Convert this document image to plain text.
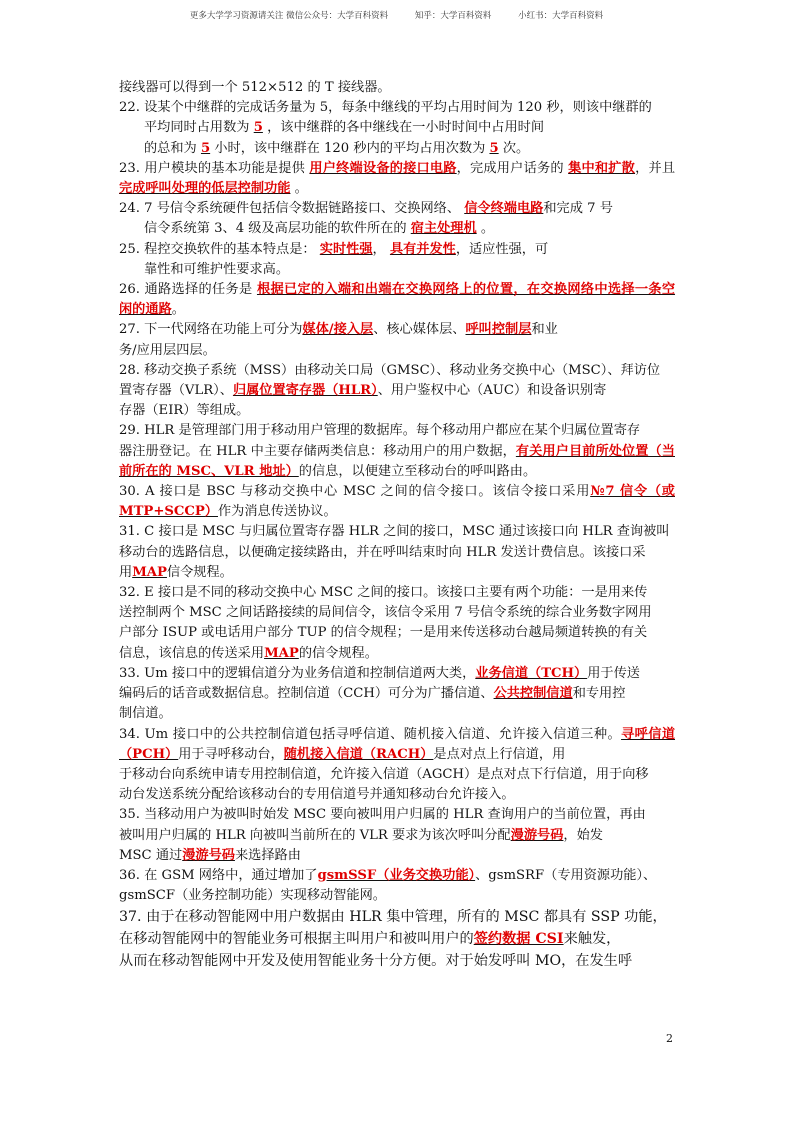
更多大学学习资源请关注 微信公众号：大学百科资料	知乎：大学百科资料	小红书：大学百科资料

接线器可以得到一个 512×512 的 T 接线器。

22. 设某个中继群的完成话务量为 5，每条中继线的平均占用时间为 120 秒，则该中继群的
平均同时占用数为 5 ，该中继群的各中继线在一小时时间中占用时间
的总和为 5 小时，该中继群在 120 秒内的平均占用次数为 5 次。

23. 用户模块的基本功能是提供 用户终端设备的接口电路，完成用户话务的 集中和扩散，并且 完成呼叫处理的低层控制功能 。

24. 7 号信令系统硬件包括信令数据链路接口、交换网络、 信令终端电路和完成 7 号
信令系统第 3、4 级及高层功能的软件所在的 宿主处理机 。

25. 程控交换软件的基本特点是： 实时性强， 具有并发性，适应性强，可
靠性和可维护性要求高。

26. 通路选择的任务是 根据已定的入端和出端在交换网络上的位置，在交换网络中选择一条空闲的通路。

27. 下一代网络在功能上可分为媒体/接入层、核心媒体层、呼叫控制层和业
务/应用层四层。

28. 移动交换子系统（MSS）由移动关口局（GMSC）、移动业务交换中心（MSC）、拜访位
置寄存器（VLR）、归属位置寄存器（HLR）、用户鉴权中心（AUC）和设备识别寄
存器（EIR）等组成。

29. HLR 是管理部门用于移动用户管理的数据库。每个移动用户都应在某个归属位置寄存
器注册登记。在 HLR 中主要存储两类信息：移动用户的用户数据，有关用户目前所处位置（当前所在的 MSC、VLR 地址）的信息，以便建立至移动台的呼叫路由。

30. A 接口是 BSC 与移动交换中心 MSC 之间的信令接口。该信令接口采用№7 信令（或 MTP+SCCP）作为消息传送协议。

31. C 接口是 MSC 与归属位置寄存器 HLR 之间的接口，MSC 通过该接口向 HLR 查询被叫
移动台的选路信息，以便确定接续路由，并在呼叫结束时向 HLR 发送计费信息。该接口采
用MAP信令规程。

32. E 接口是不同的移动交换中心 MSC 之间的接口。该接口主要有两个功能：一是用来传
送控制两个 MSC 之间话路接续的局间信令，该信令采用 7 号信令系统的综合业务数字网用
户部分 ISUP 或电话用户部分 TUP 的信令规程；一是用来传送移动台越局频道转换的有关
信息，该信息的传送采用MAP的信令规程。

33. Um 接口中的逻辑信道分为业务信道和控制信道两大类，业务信道（TCH）用于传送
编码后的话音或数据信息。控制信道（CCH）可分为广播信道、公共控制信道和专用控
制信道。

34. Um 接口中的公共控制信道包括寻呼信道、随机接入信道、允许接入信道三种。寻呼信道（PCH）用于寻呼移动台，随机接入信道（RACH）是点对点上行信道，用
于移动台向系统申请专用控制信道，允许接入信道（AGCH）是点对点下行信道，用于向移
动台发送系统分配给该移动台的专用信道号并通知移动台允许接入。

35. 当移动用户为被叫时始发 MSC 要向被叫用户归属的 HLR 查询用户的当前位置，再由
被叫用户归属的 HLR 向被叫当前所在的 VLR 要求为该次呼叫分配漫游号码，始发
MSC 通过漫游号码来选择路由

36. 在 GSM 网络中，通过增加了gsmSSF（业务交换功能）、gsmSRF（专用资源功能）、
gsmSCF（业务控制功能）实现移动智能网。

37. 由于在移动智能网中用户数据由 HLR 集中管理，所有的 MSC 都具有 SSP 功能，
在移动智能网中的智能业务可根据主叫用户和被叫用户的签约数据 CSI来触发，
从而在移动智能网中开发及使用智能业务十分方便。对于始发呼叫 MO，在发生呼

2
